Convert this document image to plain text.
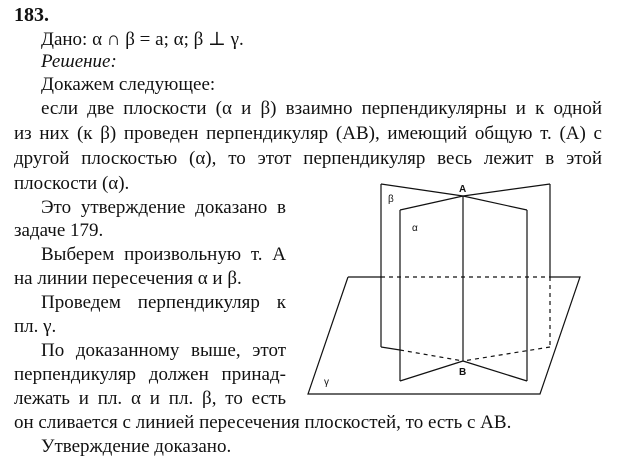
183.
Дано: α ∩ β = a; α; β ⊥ γ.
Решение:
Докажем следующее:
если две плоскости (α и β) взаимно перпендикулярны и к одной
из них (к β) проведен перпендикуляр (AB), имеющий общую т. (A) с
другой плоскостью (α), то этот перпендикуляр весь лежит в этой
плоскости (α).
Это утверждение доказано в
задаче 179.
Выберем произвольную т. A
на линии пересечения α и β.
Проведем перпендикуляр к
пл. γ.
По доказанному выше, этот
перпендикуляр должен принад-
лежать и пл. α и пл. β, то есть
он сливается с линией пересечения плоскостей, то есть с AB.
Утверждение доказано.
β
α
γ
A
B
